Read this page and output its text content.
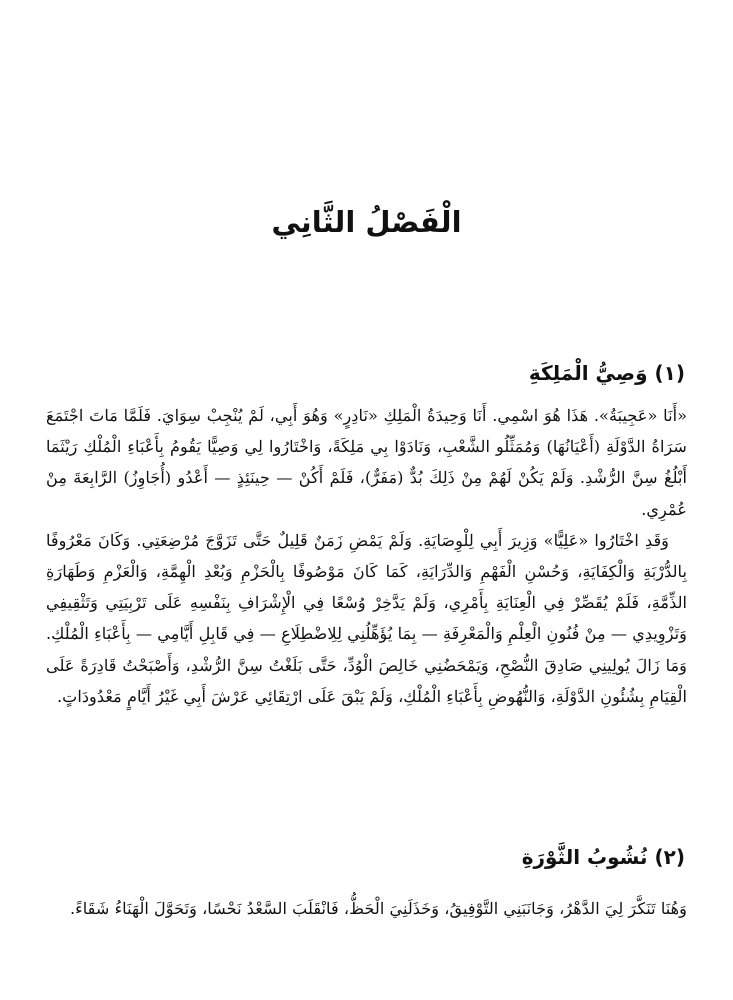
الْفَصْلُ الثَّانِي
(١) وَصِيُّ الْمَلِكَةِ

«أَنَا «عَجِيبَةُ». هَذَا هُوَ اسْمِي. أَنَا وَحِيدَةُ الْمَلِكِ «نَادِرٍ» وَهُوَ أَبِي، لَمْ يُنْجِبْ سِوَايَ. فَلَمَّا مَاتَ اجْتَمَعَ سَرَاةُ الدَّوْلَةِ (أَعْيَانُهَا) وَمُمَثِّلُو الشَّعْبِ، وَنَادَوْا بِي مَلِكَةً، وَاخْتَارُوا لِي وَصِيًّا يَقُومُ بِأَعْبَاءِ الْمُلْكِ رَيْثَمَا أَبْلُغُ سِنَّ الرُّشْدِ. وَلَمْ يَكُنْ لَهُمْ مِنْ ذَلِكَ بُدٌّ (مَفَرٌّ)، فَلَمْ أَكُنْ — حِينَئِذٍ — أَعْدُو (أُجَاوِزُ) الرَّابِعَةَ مِنْ عُمْرِي.

وَقَدِ اخْتَارُوا «عَلِيًّا» وَزِيرَ أَبِي لِلْوِصَايَةِ. وَلَمْ يَمْضِ زَمَنٌ قَلِيلٌ حَتَّى تَزَوَّجَ مُرْضِعَتِي. وَكَانَ مَعْرُوفًا بِالدُّرْبَةِ وَالْكِفَايَةِ، وَحُسْنِ الْفَهْمِ وَالدِّرَايَةِ، كَمَا كَانَ مَوْصُوفًا بِالْحَزْمِ وَبُعْدِ الْهِمَّةِ، وَالْعَزْمِ وَطَهَارَةِ الذِّمَّةِ، فَلَمْ يُقَصِّرْ فِي الْعِنَايَةِ بِأَمْرِي، وَلَمْ يَدَّخِرْ وُسْعًا فِي الْإِشْرَافِ بِنَفْسِهِ عَلَى تَرْبِيَتِي وَتَثْقِيفِي وَتَزْوِيدِي — مِنْ فُنُونِ الْعِلْمِ وَالْمَعْرِفَةِ — بِمَا يُؤَهِّلُنِي لِلِاضْطِلَاعِ — فِي قَابِلِ أَيَّامِي — بِأَعْبَاءِ الْمُلْكِ. وَمَا زَالَ يُولِينِي صَادِقَ النُّصْحِ، وَيَمْحَضُنِي خَالِصَ الْوُدِّ، حَتَّى بَلَغْتُ سِنَّ الرُّشْدِ، وَأَصْبَحْتُ قَادِرَةً عَلَى الْقِيَامِ بِشُئُونِ الدَّوْلَةِ، وَالنُّهُوضِ بِأَعْبَاءِ الْمُلْكِ، وَلَمْ يَبْقَ عَلَى ارْتِقَائِي عَرْشَ أَبِي غَيْرُ أَيَّامٍ مَعْدُودَاتٍ.

(٢) نُشُوبُ الثَّوْرَةِ

وَهُنَا تَنَكَّرَ لِيَ الدَّهْرُ، وَجَانَبَنِي التَّوْفِيقُ، وَخَذَلَنِيَ الْحَظُّ، فَانْقَلَبَ السَّعْدُ نَحْسًا، وَتَحَوَّلَ الْهَنَاءُ شَقَاءً.
